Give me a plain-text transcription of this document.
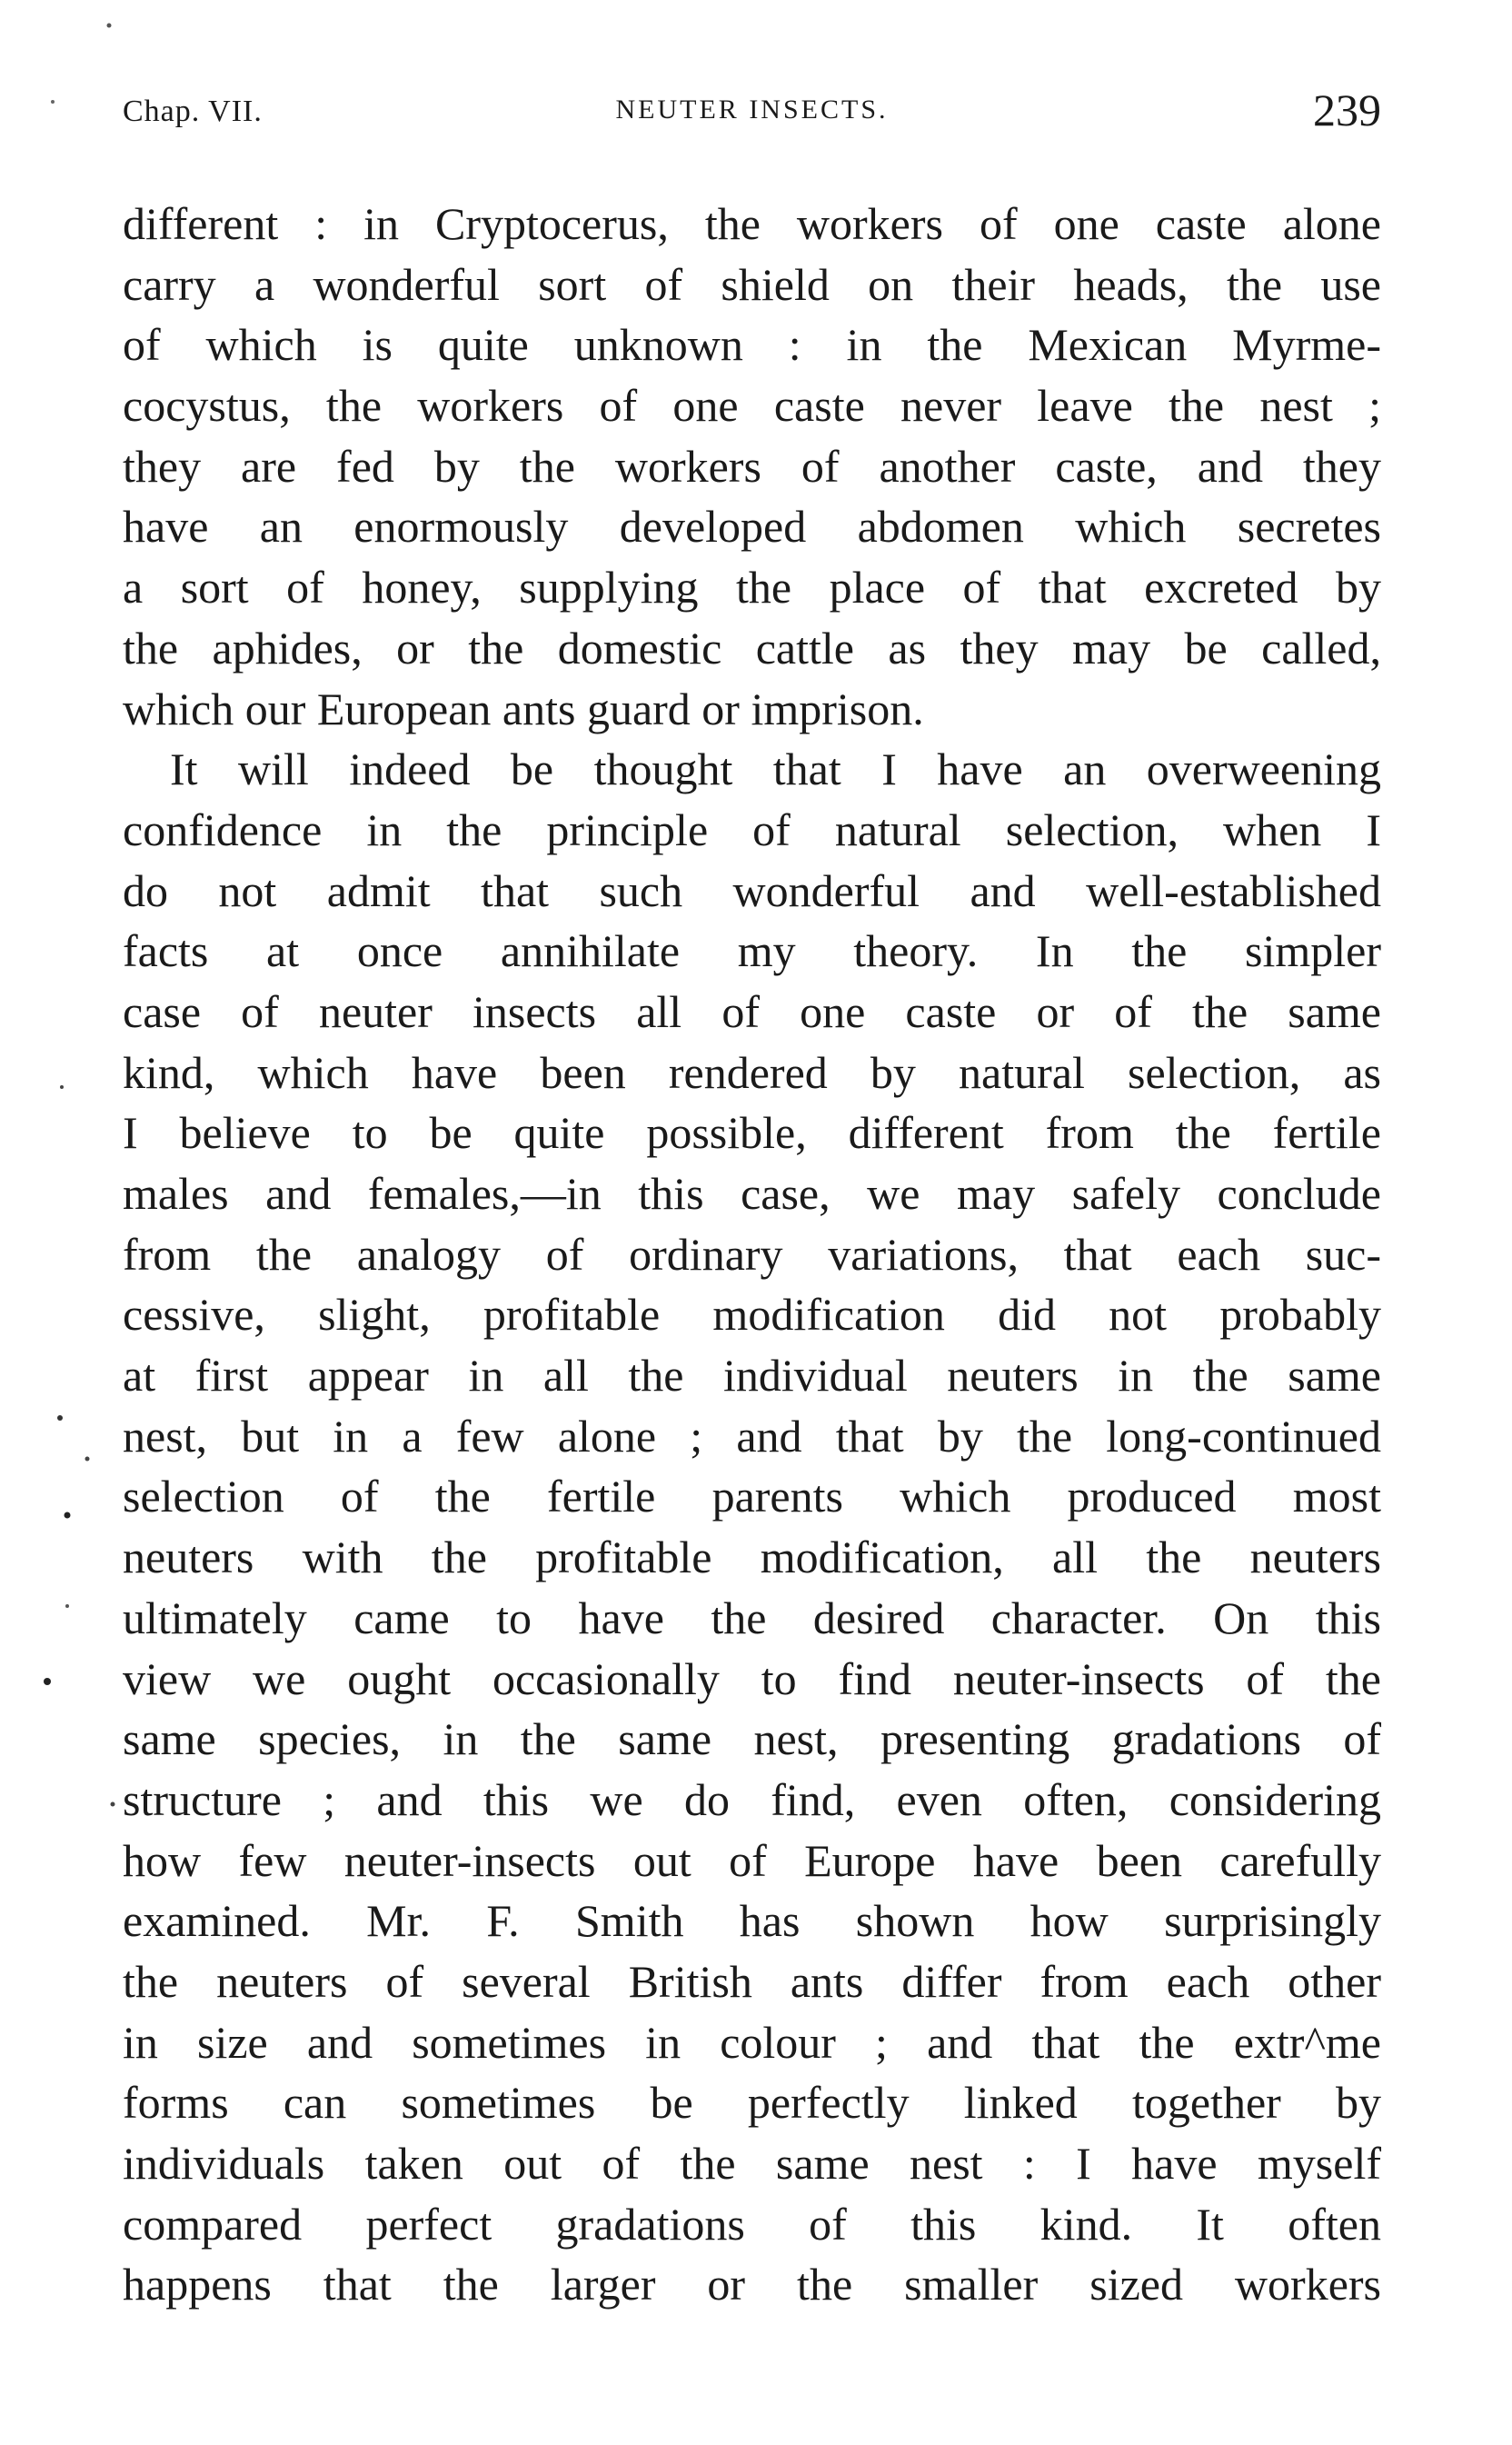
Chap. VII.	NEUTER INSECTS.	239
different : in Cryptocerus, the workers of one caste alone
carry a wonderful sort of shield on their heads, the use
of which is quite unknown : in the Mexican Myrme-
cocystus, the workers of one caste never leave the nest ;
they are fed by the workers of another caste, and they
have an enormously developed abdomen which secretes
a sort of honey, supplying the place of that excreted by
the aphides, or the domestic cattle as they may be called,
which our European ants guard or imprison.
It will indeed be thought that I have an overweening
confidence in the principle of natural selection, when I
do not admit that such wonderful and well-established
facts at once annihilate my theory. In the simpler
case of neuter insects all of one caste or of the same
kind, which have been rendered by natural selection, as
I believe to be quite possible, different from the fertile
males and females,—in this case, we may safely conclude
from the analogy of ordinary variations, that each suc-
cessive, slight, profitable modification did not probably
at first appear in all the individual neuters in the same
nest, but in a few alone ; and that by the long-continued
selection of the fertile parents which produced most
neuters with the profitable modification, all the neuters
ultimately came to have the desired character. On this
view we ought occasionally to find neuter-insects of the
same species, in the same nest, presenting gradations of
structure ; and this we do find, even often, considering
how few neuter-insects out of Europe have been carefully
examined. Mr. F. Smith has shown how surprisingly
the neuters of several British ants differ from each other
in size and sometimes in colour ; and that the extr^me
forms can sometimes be perfectly linked together by
individuals taken out of the same nest : I have myself
compared perfect gradations of this kind. It often
happens that the larger or the smaller sized workers
